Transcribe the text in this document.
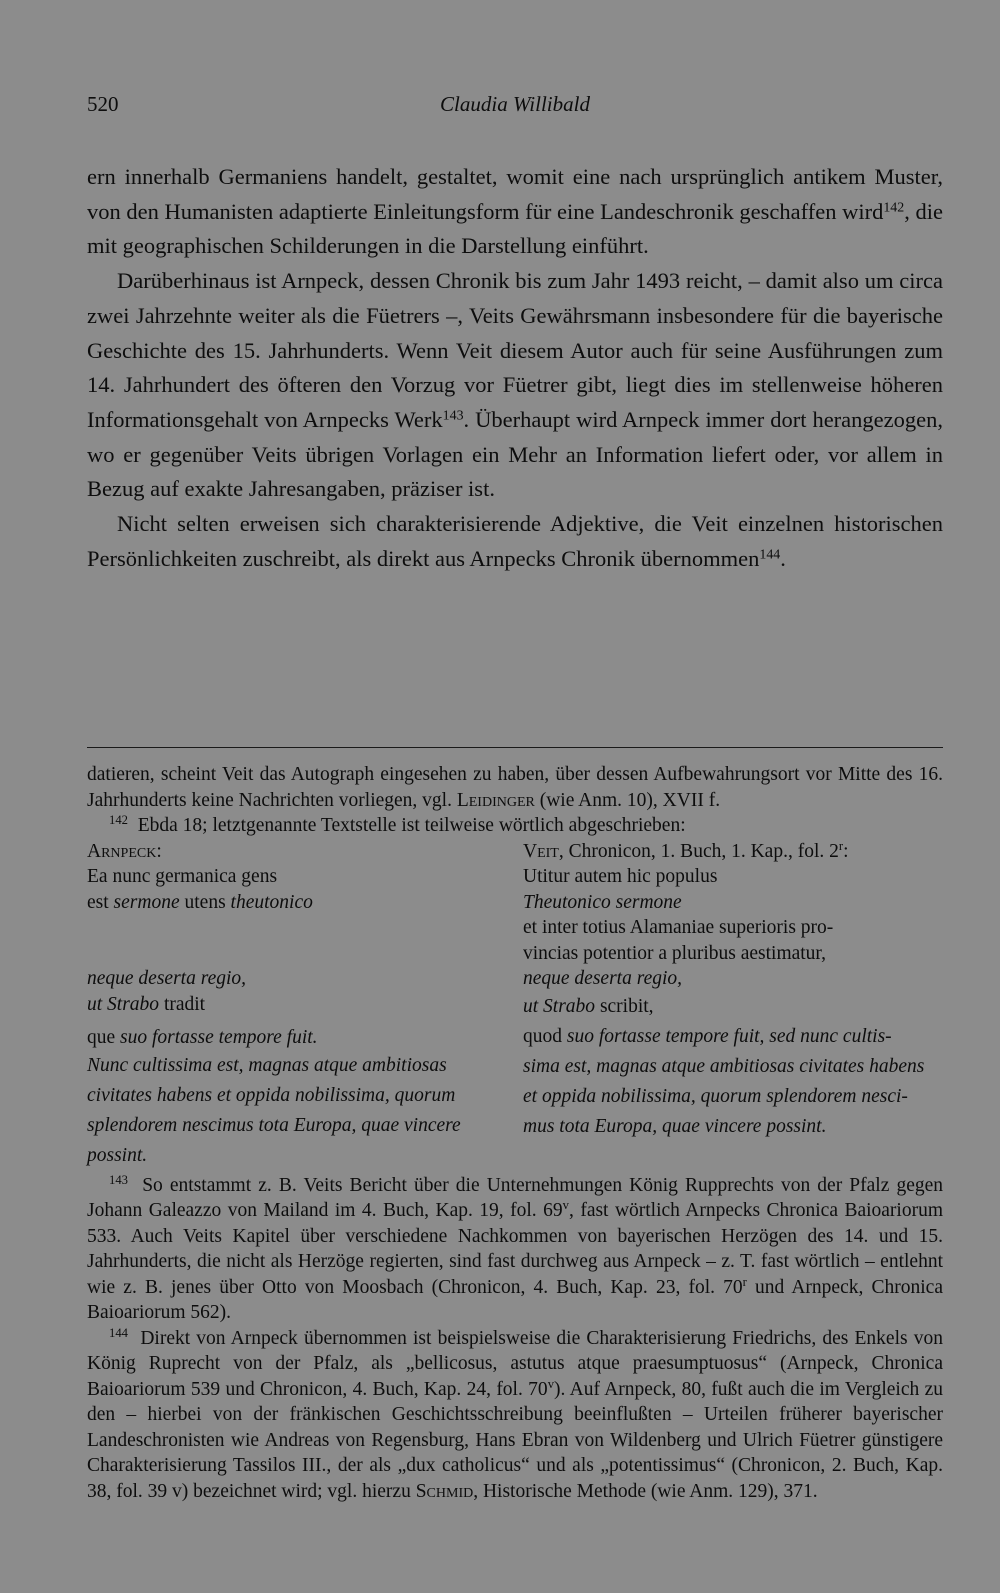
520	Claudia Willibald

ern innerhalb Germaniens handelt, gestaltet, womit eine nach ursprünglich antikem Muster, von den Humanisten adaptierte Einleitungsform für eine Landeschronik geschaffen wird$^{142}$, die mit geographischen Schilderungen in die Darstellung einführt.

Darüberhinaus ist Arnpeck, dessen Chronik bis zum Jahr 1493 reicht, – damit also um circa zwei Jahrzehnte weiter als die Füetrers –, Veits Gewährsmann insbesondere für die bayerische Geschichte des 15. Jahrhunderts. Wenn Veit diesem Autor auch für seine Ausführungen zum 14. Jahrhundert des öfteren den Vorzug vor Füetrer gibt, liegt dies im stellenweise höheren Informationsgehalt von Arnpecks Werk$^{143}$. Überhaupt wird Arnpeck immer dort herangezogen, wo er gegenüber Veits übrigen Vorlagen ein Mehr an Information liefert oder, vor allem in Bezug auf exakte Jahresangaben, präziser ist.

Nicht selten erweisen sich charakterisierende Adjektive, die Veit einzelnen historischen Persönlichkeiten zuschreibt, als direkt aus Arnpecks Chronik übernommen$^{144}$.

datieren, scheint Veit das Autograph eingesehen zu haben, über dessen Aufbewahrungsort vor Mitte des 16. Jahrhunderts keine Nachrichten vorliegen, vgl. Leidinger (wie Anm. 10), XVII f.

$^{142}$ Ebda 18; letztgenannte Textstelle ist teilweise wörtlich abgeschrieben:

Arnpeck:
Ea nunc germanica gens
est sermone utens theutonico
neque deserta regio,
ut Strabo tradit
que suo fortasse tempore fuit.
Nunc cultissima est, magnas atque ambitiosas
civitates habens et oppida nobilissima, quorum
splendorem nescimus tota Europa, quae vincere
possint.
Veit, Chronicon, 1. Buch, 1. Kap., fol. 2$^r$:
Utitur autem hic populus
Theutonico sermone
et inter totius Alamaniae superioris pro-
vincias potentior a pluribus aestimatur,
neque deserta regio,
ut Strabo scribit,
quod suo fortasse tempore fuit, sed nunc cultis-
sima est, magnas atque ambitiosas civitates habens
et oppida nobilissima, quorum splendorem nesci-
mus tota Europa, quae vincere possint.

$^{143}$ So entstammt z. B. Veits Bericht über die Unternehmungen König Rupprechts von der Pfalz gegen Johann Galeazzo von Mailand im 4. Buch, Kap. 19, fol. 69$^v$, fast wörtlich Arnpecks Chronica Baioariorum 533. Auch Veits Kapitel über verschiedene Nachkommen von bayerischen Herzögen des 14. und 15. Jahrhunderts, die nicht als Herzöge regierten, sind fast durchweg aus Arnpeck – z. T. fast wörtlich – entlehnt wie z. B. jenes über Otto von Moosbach (Chronicon, 4. Buch, Kap. 23, fol. 70$^r$ und Arnpeck, Chronica Baioariorum 562).

$^{144}$ Direkt von Arnpeck übernommen ist beispielsweise die Charakterisierung Friedrichs, des Enkels von König Ruprecht von der Pfalz, als „bellicosus, astutus atque praesumptuosus“ (Arnpeck, Chronica Baioariorum 539 und Chronicon, 4. Buch, Kap. 24, fol. 70$^v$). Auf Arnpeck, 80, fußt auch die im Vergleich zu den – hierbei von der fränkischen Geschichtsschreibung beeinflußten – Urteilen früherer bayerischer Landeschronisten wie Andreas von Regensburg, Hans Ebran von Wildenberg und Ulrich Füetrer günstigere Charakterisierung Tassilos III., der als „dux catholicus“ und als „potentissimus“ (Chronicon, 2. Buch, Kap. 38, fol. 39 v) bezeichnet wird; vgl. hierzu Schmid, Historische Methode (wie Anm. 129), 371.
